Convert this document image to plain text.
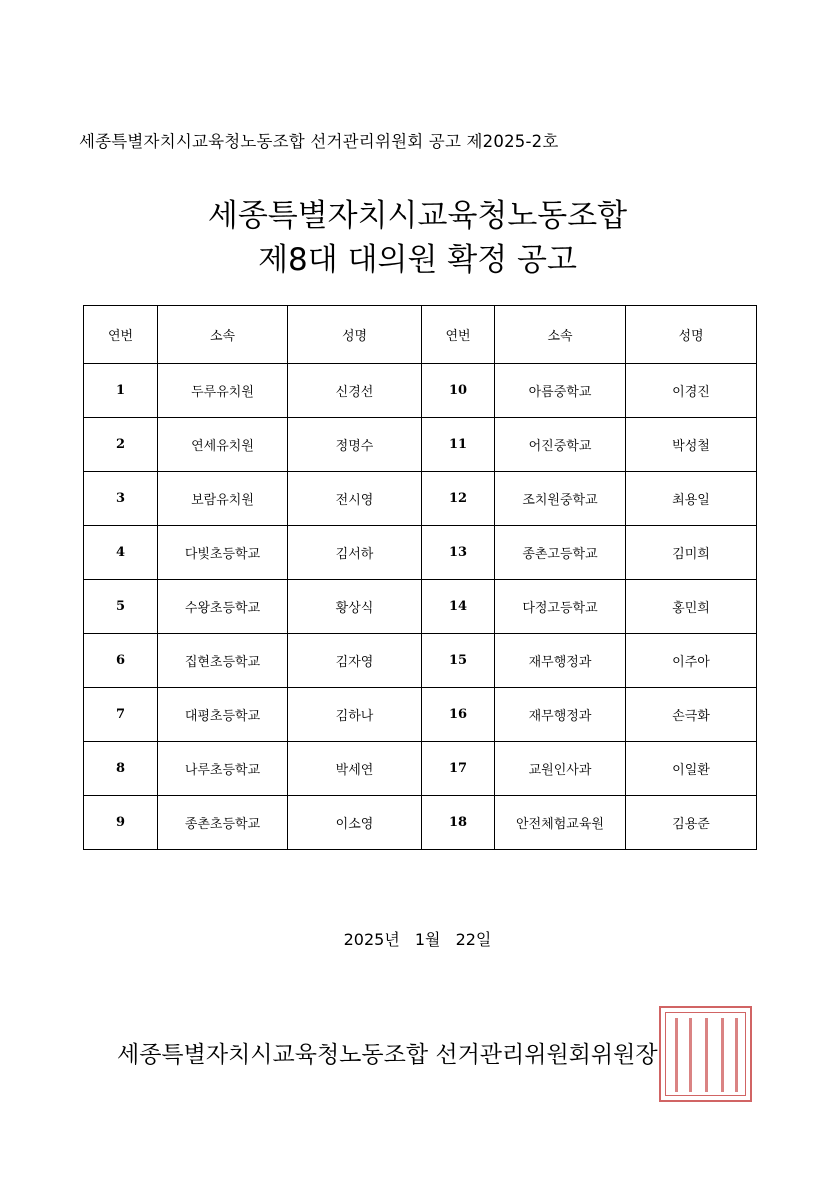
세종특별자치시교육청노동조합 선거관리위원회 공고 제2025-2호
세종특별자치시교육청노동조합
제8대 대의원 확정 공고
연번	소속	성명	연번	소속	성명
1	두루유치원	신경선	10	아름중학교	이경진
2	연세유치원	정명수	11	어진중학교	박성철
3	보람유치원	전시영	12	조치원중학교	최용일
4	다빛초등학교	김서하	13	종촌고등학교	김미희
5	수왕초등학교	황상식	14	다정고등학교	홍민희
6	집현초등학교	김자영	15	재무행정과	이주아
7	대평초등학교	김하나	16	재무행정과	손극화
8	나루초등학교	박세연	17	교원인사과	이일환
9	종촌초등학교	이소영	18	안전체험교육원	김용준
2025년 1월 22일
세종특별자치시교육청노동조합 선거관리위원회위원장
